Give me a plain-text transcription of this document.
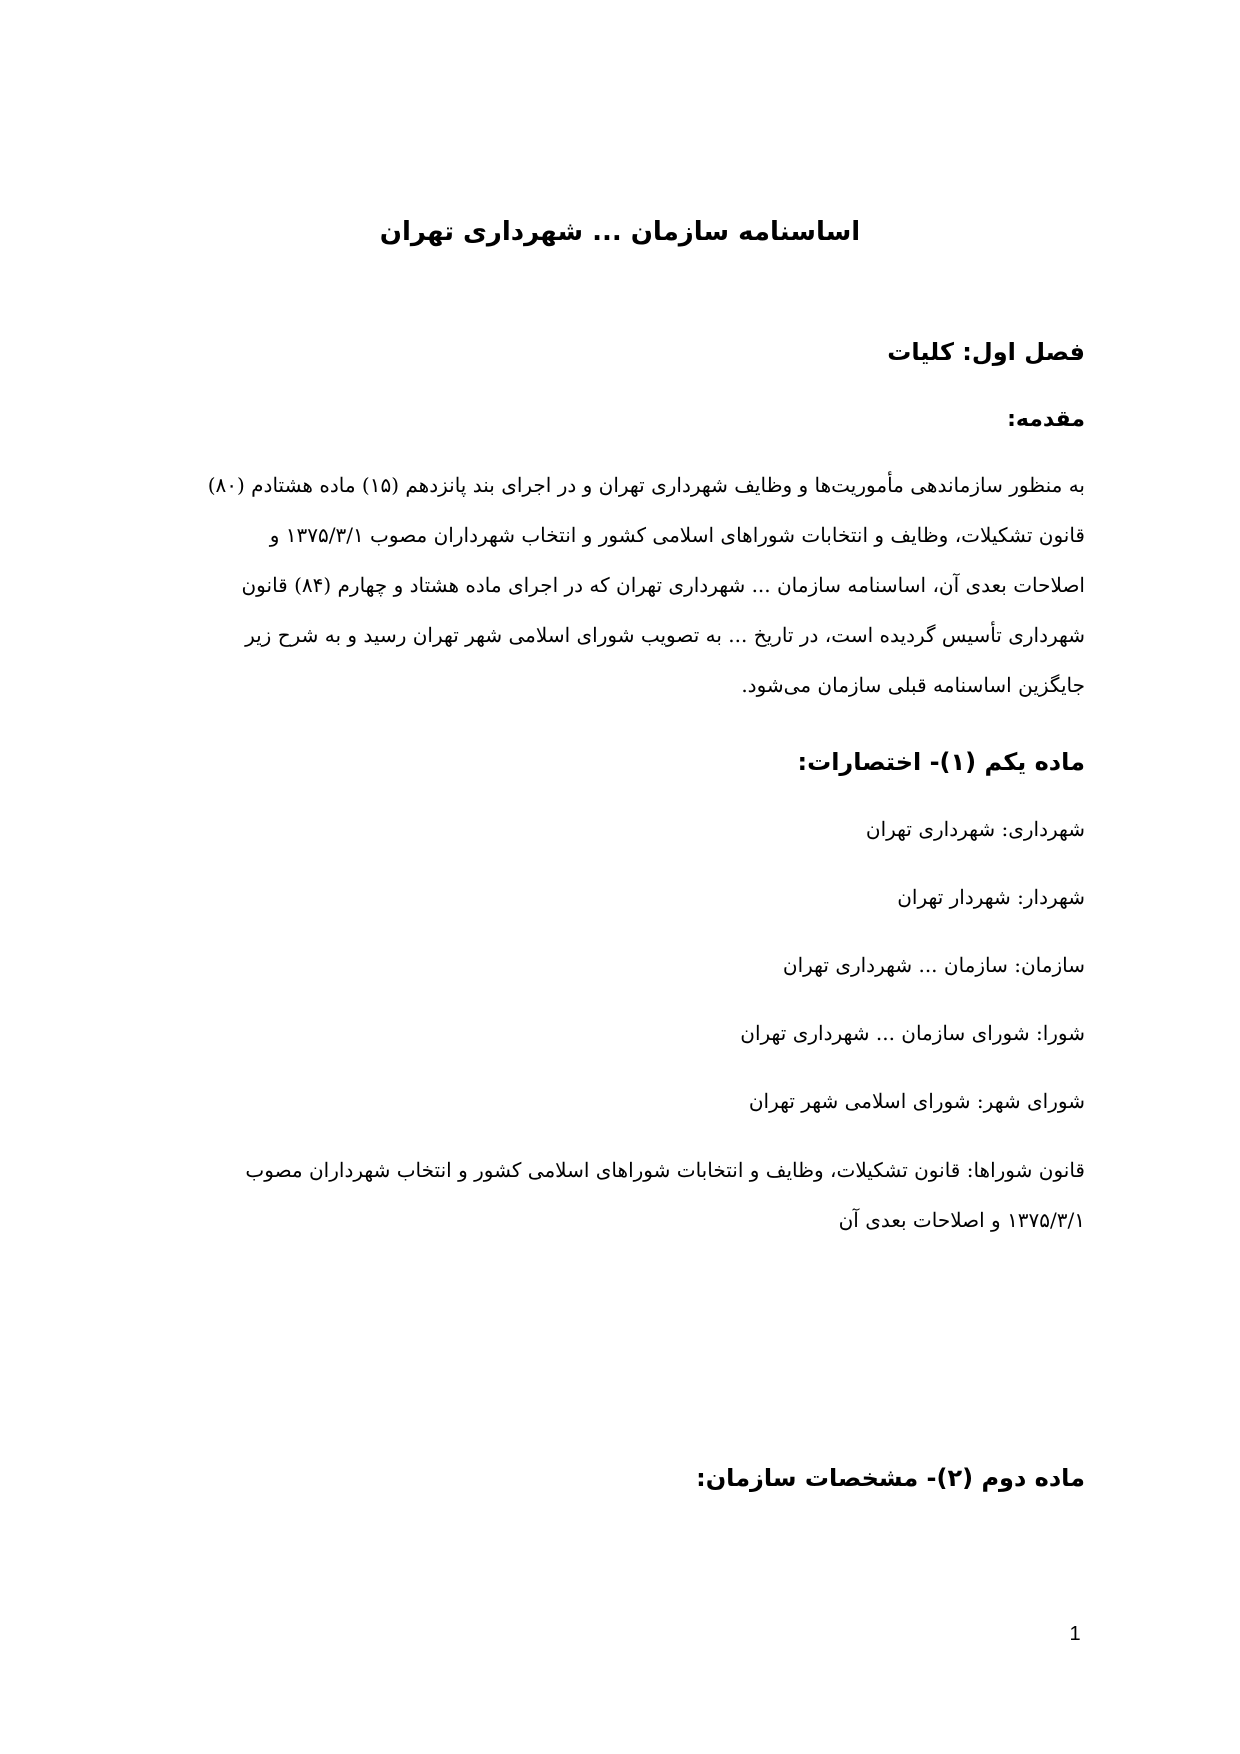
اساسنامه سازمان ... شهرداری تهران
فصل اول: کلیات
مقدمه:
به منظور سازماندهی مأموریت‌ها و وظایف شهرداری تهران و در اجرای بند پانزدهم (۱۵) ماده هشتادم (۸۰)
قانون تشکیلات، وظایف و انتخابات شوراهای اسلامی کشور و انتخاب شهرداران مصوب ۱۳۷۵/۳/۱ و
اصلاحات بعدی آن، اساسنامه سازمان ... شهرداری تهران که در اجرای ماده هشتاد و چهارم (۸۴) قانون
شهرداری تأسیس گردیده است، در تاریخ ... به تصویب شورای اسلامی شهر تهران رسید و به شرح زیر
جایگزین اساسنامه قبلی سازمان می‌شود.
ماده یکم (۱)- اختصارات:
شهرداری: شهرداری تهران
شهردار: شهردار تهران
سازمان: سازمان ... شهرداری تهران
شورا: شورای سازمان ... شهرداری تهران
شورای شهر: شورای اسلامی شهر تهران
قانون شوراها: قانون تشکیلات، وظایف و انتخابات شوراهای اسلامی کشور و انتخاب شهرداران مصوب
۱۳۷۵/۳/۱ و اصلاحات بعدی آن
ماده دوم (۲)- مشخصات سازمان:
1
